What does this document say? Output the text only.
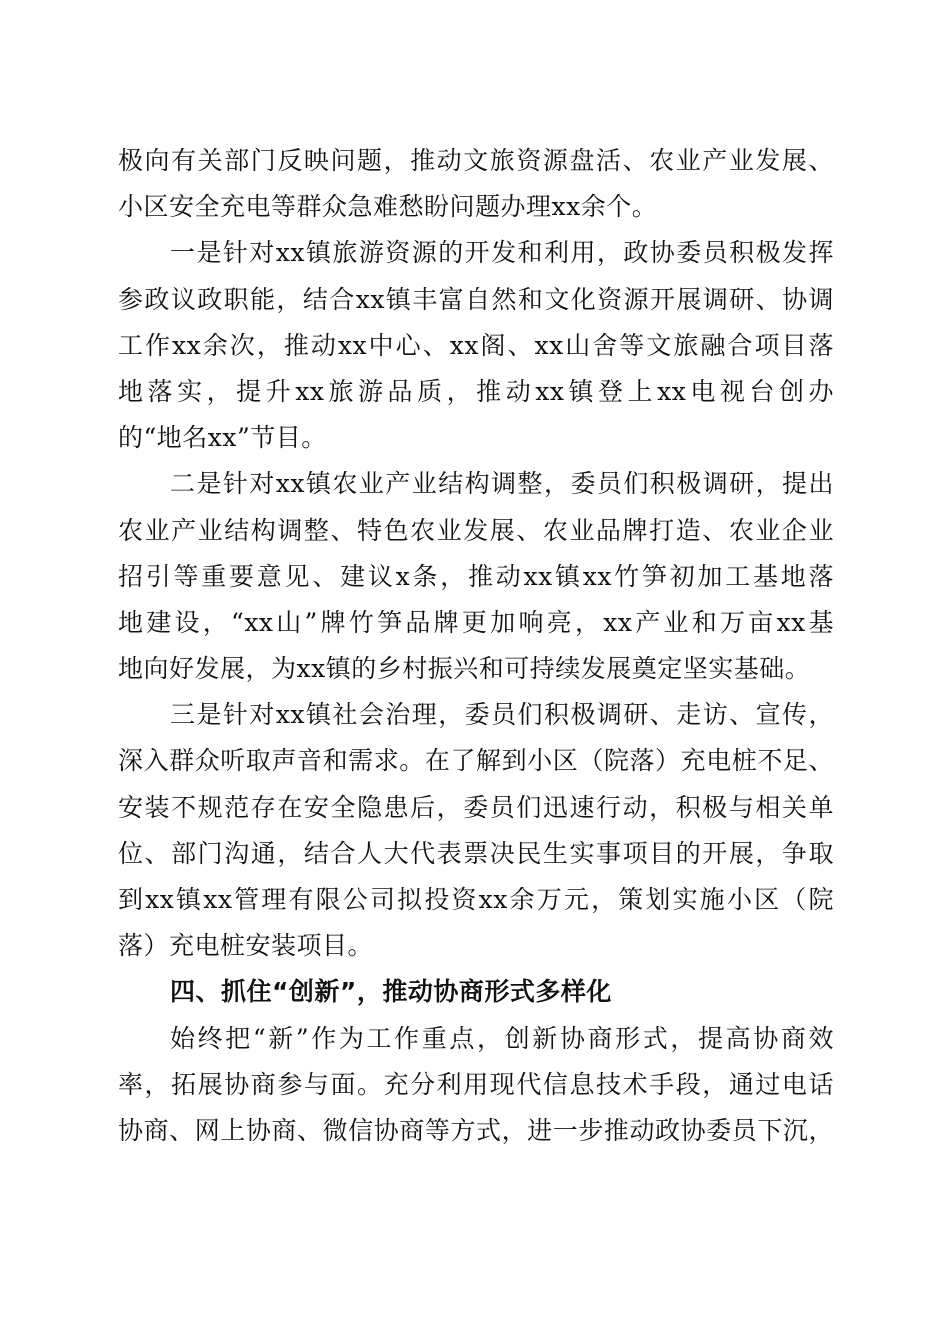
极向有关部门反映问题，推动文旅资源盘活、农业产业发展、
小区安全充电等群众急难愁盼问题办理xx余个。
一是针对xx镇旅游资源的开发和利用，政协委员积极发挥
参政议政职能，结合xx镇丰富自然和文化资源开展调研、协调
工作xx余次，推动xx中心、xx阁、xx山舍等文旅融合项目落
地落实，提升xx旅游品质，推动xx镇登上xx电视台创办
的“地名xx”节目。
二是针对xx镇农业产业结构调整，委员们积极调研，提出
农业产业结构调整、特色农业发展、农业品牌打造、农业企业
招引等重要意见、建议x条，推动xx镇xx竹笋初加工基地落
地建设，“xx山”牌竹笋品牌更加响亮，xx产业和万亩xx基
地向好发展，为xx镇的乡村振兴和可持续发展奠定坚实基础。
三是针对xx镇社会治理，委员们积极调研、走访、宣传，
深入群众听取声音和需求。在了解到小区（院落）充电桩不足、
安装不规范存在安全隐患后，委员们迅速行动，积极与相关单
位、部门沟通，结合人大代表票决民生实事项目的开展，争取
到xx镇xx管理有限公司拟投资xx余万元，策划实施小区（院
落）充电桩安装项目。
四、抓住“创新”，推动协商形式多样化
始终把“新”作为工作重点，创新协商形式，提高协商效
率，拓展协商参与面。充分利用现代信息技术手段，通过电话
协商、网上协商、微信协商等方式，进一步推动政协委员下沉，
